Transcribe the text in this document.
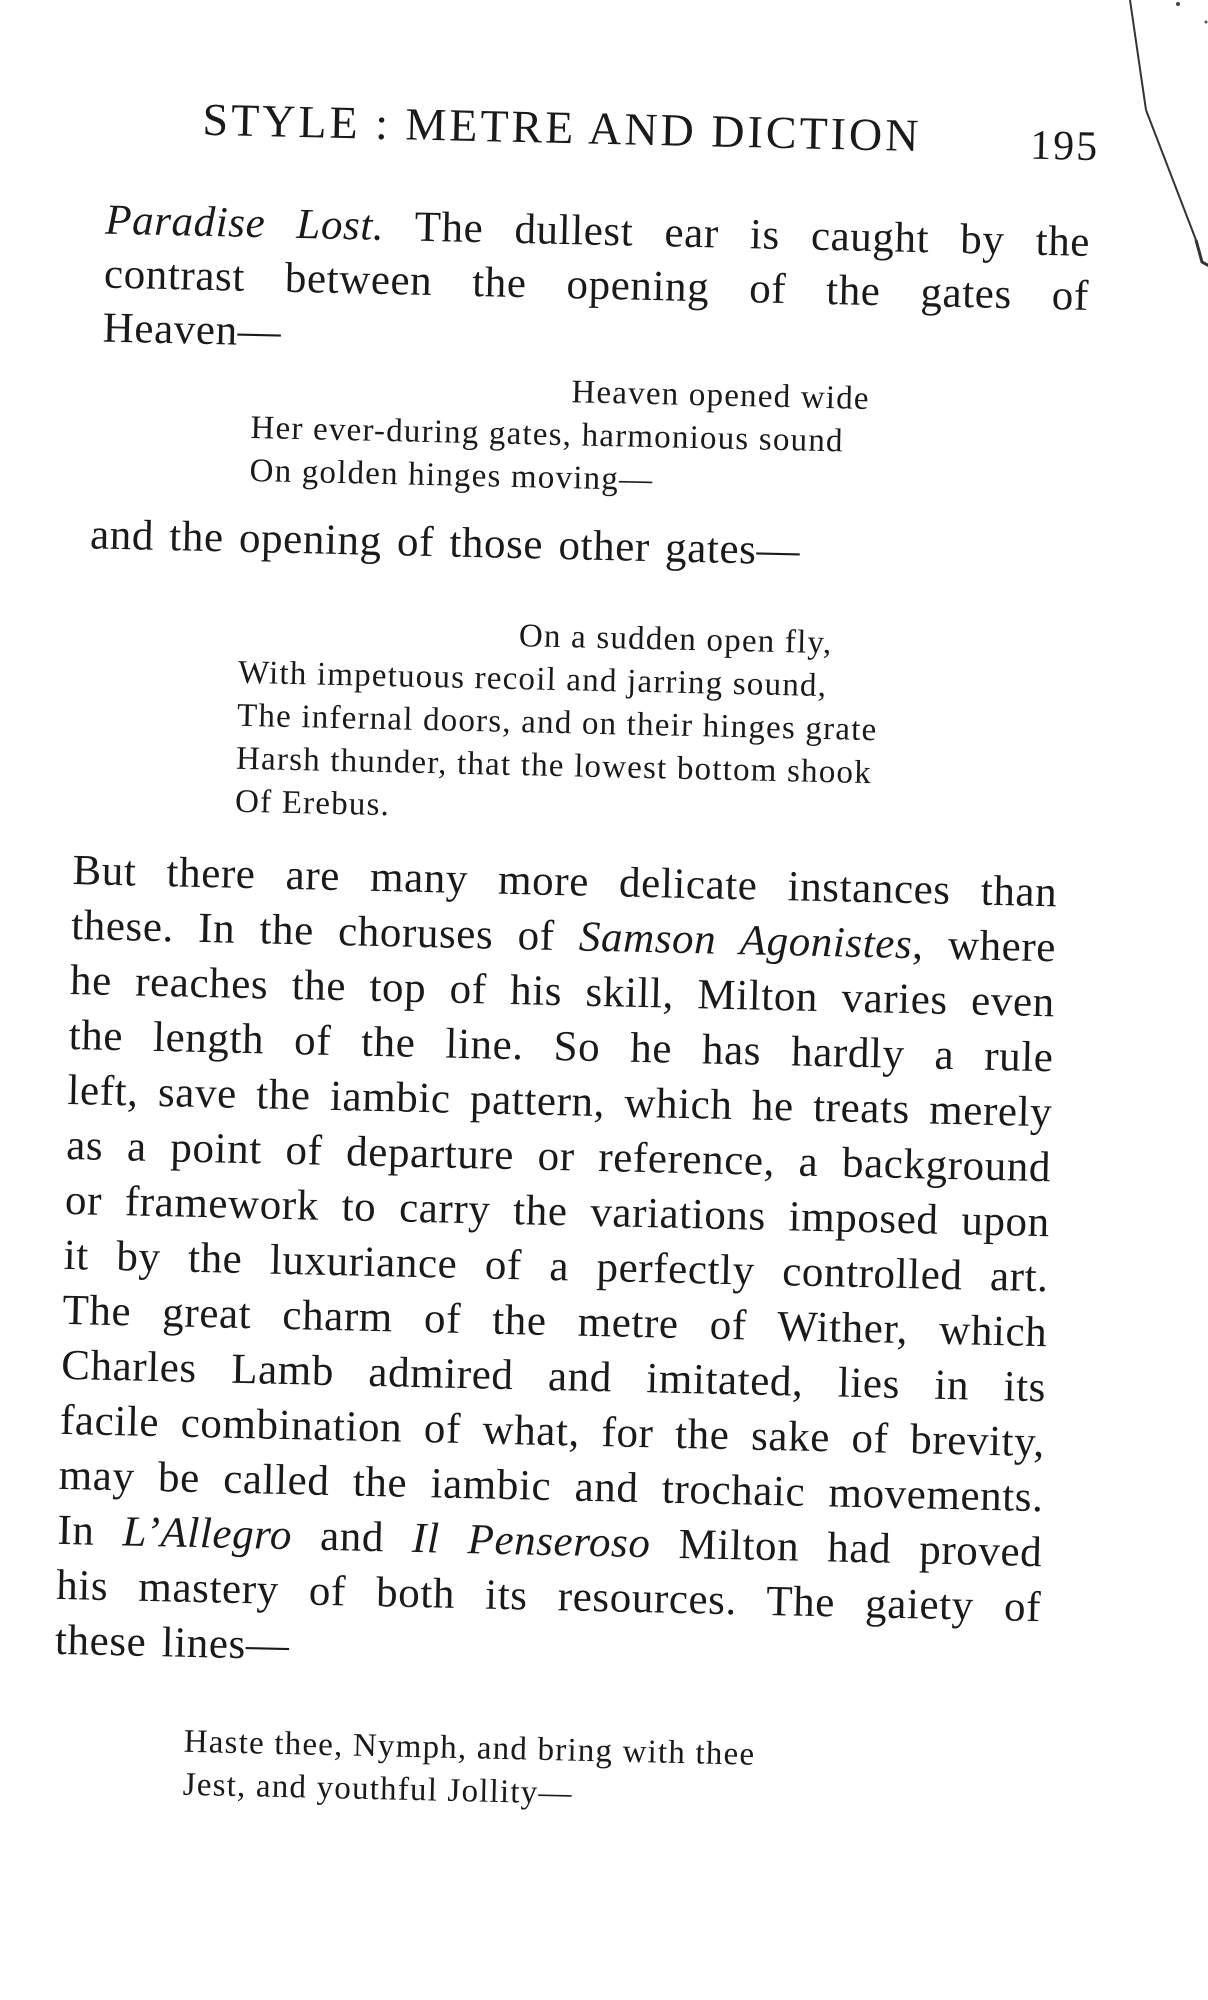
STYLE : METRE AND DICTION	195
Paradise Lost. The dullest ear is caught by the
contrast between the opening of the gates of
Heaven—
Heaven opened wide
Her ever-during gates, harmonious sound
On golden hinges moving—
and the opening of those other gates—
On a sudden open fly,
With impetuous recoil and jarring sound,
The infernal doors, and on their hinges grate
Harsh thunder, that the lowest bottom shook
Of Erebus.
But there are many more delicate instances than
these. In the choruses of Samson Agonistes, where
he reaches the top of his skill, Milton varies even
the length of the line. So he has hardly a rule
left, save the iambic pattern, which he treats merely
as a point of departure or reference, a background
or framework to carry the variations imposed upon
it by the luxuriance of a perfectly controlled art.
The great charm of the metre of Wither, which
Charles Lamb admired and imitated, lies in its
facile combination of what, for the sake of brevity,
may be called the iambic and trochaic movements.
In L’Allegro and Il Penseroso Milton had proved
his mastery of both its resources. The gaiety of
these lines—
Haste thee, Nymph, and bring with thee
Jest, and youthful Jollity—
